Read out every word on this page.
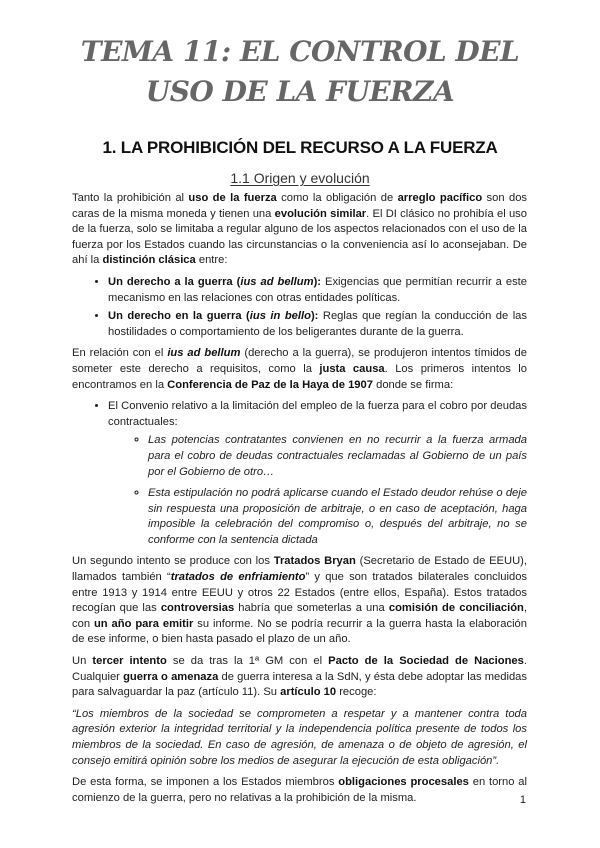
TEMA 11: EL CONTROL DEL
USO DE LA FUERZA
1. LA PROHIBICIÓN DEL RECURSO A LA FUERZA
1.1 Origen y evolución

Tanto la prohibición al uso de la fuerza como la obligación de arreglo pacífico son dos caras de la misma moneda y tienen una evolución similar. El DI clásico no prohibía el uso de la fuerza, solo se limitaba a regular alguno de los aspectos relacionados con el uso de la fuerza por los Estados cuando las circunstancias o la conveniencia así lo aconsejaban. De ahí la distinción clásica entre:

• Un derecho a la guerra (ius ad bellum): Exigencias que permitían recurrir a este mecanismo en las relaciones con otras entidades políticas.
• Un derecho en la guerra (ius in bello): Reglas que regían la conducción de las hostilidades o comportamiento de los beligerantes durante de la guerra.

En relación con el ius ad bellum (derecho a la guerra), se produjeron intentos tímidos de someter este derecho a requisitos, como la justa causa. Los primeros intentos lo encontramos en la Conferencia de Paz de la Haya de 1907 donde se firma:

• El Convenio relativo a la limitación del empleo de la fuerza para el cobro por deudas contractuales:
◦ Las potencias contratantes convienen en no recurrir a la fuerza armada para el cobro de deudas contractuales reclamadas al Gobierno de un país por el Gobierno de otro…
◦ Esta estipulación no podrá aplicarse cuando el Estado deudor rehúse o deje sin respuesta una proposición de arbitraje, o en caso de aceptación, haga imposible la celebración del compromiso o, después del arbitraje, no se conforme con la sentencia dictada

Un segundo intento se produce con los Tratados Bryan (Secretario de Estado de EEUU), llamados también “tratados de enfriamiento” y que son tratados bilaterales concluidos entre 1913 y 1914 entre EEUU y otros 22 Estados (entre ellos, España). Estos tratados recogían que las controversias habría que someterlas a una comisión de conciliación, con un año para emitir su informe. No se podría recurrir a la guerra hasta la elaboración de ese informe, o bien hasta pasado el plazo de un año.

Un tercer intento se da tras la 1ª GM con el Pacto de la Sociedad de Naciones. Cualquier guerra o amenaza de guerra interesa a la SdN, y ésta debe adoptar las medidas para salvaguardar la paz (artículo 11). Su artículo 10 recoge:

“Los miembros de la sociedad se comprometen a respetar y a mantener contra toda agresión exterior la integridad territorial y la independencia política presente de todos los miembros de la sociedad. En caso de agresión, de amenaza o de objeto de agresión, el consejo emitirá opinión sobre los medios de asegurar la ejecución de esta obligación”.

De esta forma, se imponen a los Estados miembros obligaciones procesales en torno al comienzo de la guerra, pero no relativas a la prohibición de la misma.	1
